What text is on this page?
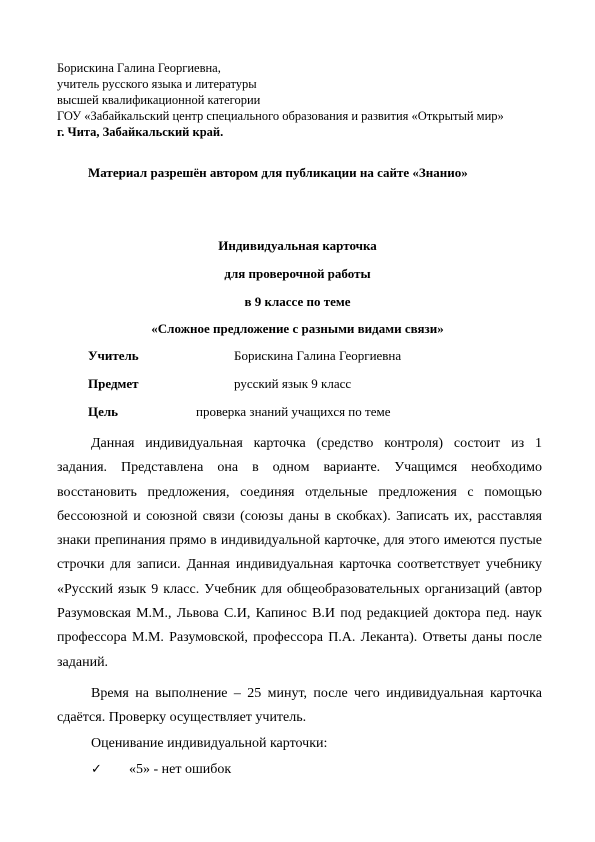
Борискина Галина Георгиевна,
учитель русского языка и литературы
высшей квалификационной категории
ГОУ «Забайкальский центр специального образования и развития «Открытый мир»
г. Чита, Забайкальский край.
Материал разрешён автором для публикации на сайте «Знанио»
Индивидуальная карточка
для проверочной работы
в 9 классе по теме
«Сложное предложение с разными видами связи»
Учитель	Борискина Галина Георгиевна
Предмет	русский язык 9 класс
Цель	проверка знаний учащихся по теме

Данная индивидуальная карточка (средство контроля) состоит из 1 задания. Представлена она в одном варианте. Учащимся необходимо восстановить предложения, соединяя отдельные предложения с помощью бессоюзной и союзной связи (союзы даны в скобках). Записать их, расставляя знаки препинания прямо в индивидуальной карточке, для этого имеются пустые строчки для записи. Данная индивидуальная карточка соответствует учебнику «Русский язык 9 класс. Учебник для общеобразовательных организаций (автор Разумовская М.М., Львова С.И, Капинос В.И под редакцией доктора пед. наук профессора М.М. Разумовской, профессора П.А. Леканта). Ответы даны после заданий.

Время на выполнение – 25 минут, после чего индивидуальная карточка сдаётся. Проверку осуществляет учитель.

Оценивание индивидуальной карточки:
✓ «5» - нет ошибок
